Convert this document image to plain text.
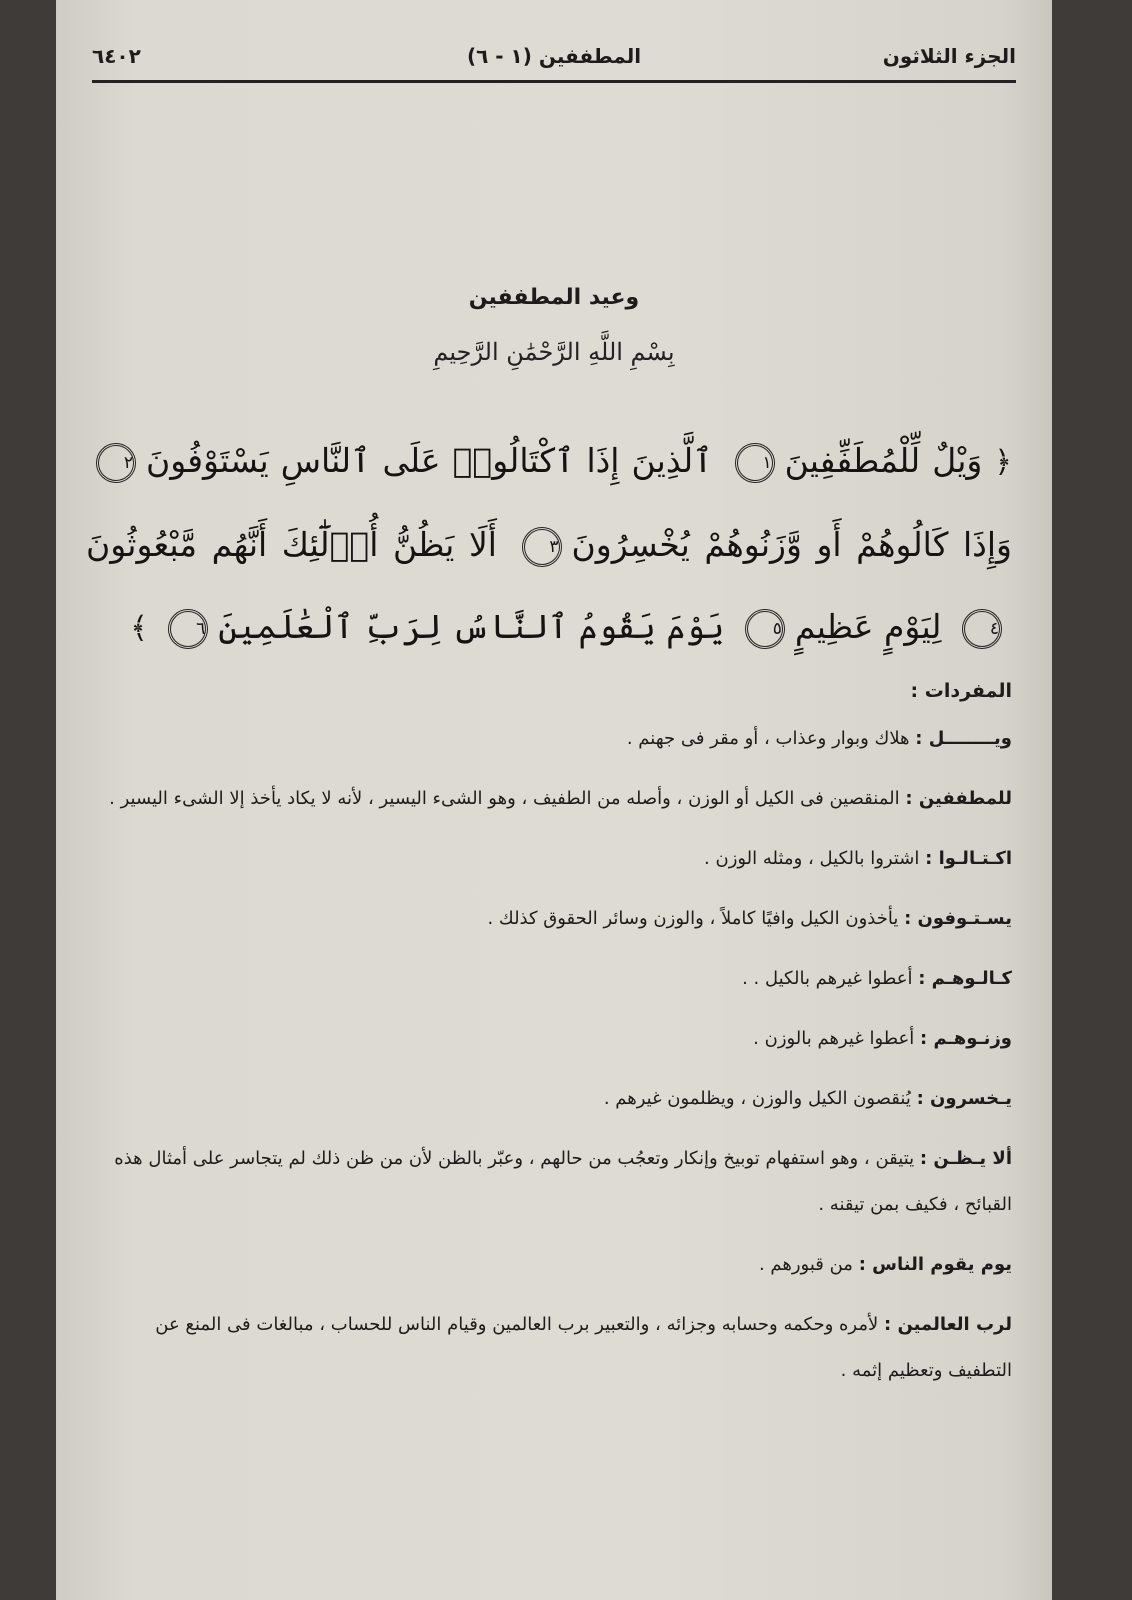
الجزء الثلاثون
المطففين (١ - ٦)
٦٤٠٢
وعيد المطففين
بِسْمِ اللَّهِ الرَّحْمَٰنِ الرَّحِيمِ
﴿ وَيْلٌ لِّلْمُطَفِّفِينَ١ ٱلَّذِينَ إِذَا ٱكْتَالُوا۟ عَلَى ٱلنَّاسِ يَسْتَوْفُونَ٢ وَإِذَا كَالُوهُمْ أَو وَّزَنُوهُمْ يُخْسِرُونَ٣ أَلَا يَظُنُّ أُو۟لَٰٓئِكَ أَنَّهُم مَّبْعُوثُونَ٤ لِيَوْمٍ عَظِيمٍ٥ يَوْمَ يَقُومُ ٱلنَّاسُ لِرَبِّ ٱلْعَٰلَمِينَ٦ ﴾
المفردات :
ويــــــــل : هلاك وبوار وعذاب ، أو مقر فى جهنم .
للمطففين : المنقصين فى الكيل أو الوزن ، وأصله من الطفيف ، وهو الشىء اليسير ، لأنه لا يكاد يأخذ إلا الشىء اليسير .
اكـتـالـوا : اشتروا بالكيل ، ومثله الوزن .
يسـتـوفون : يأخذون الكيل وافيًا كاملاً ، والوزن وسائر الحقوق كذلك .
كـالـوهـم : أعطوا غيرهم بالكيل . .
وزنـوهـم : أعطوا غيرهم بالوزن .
يـخسرون : يُنقصون الكيل والوزن ، ويظلمون غيرهم .
ألا يـظـن : يتيقن ، وهو استفهام توبيخ وإنكار وتعجُب من حالهم ، وعبّر بالظن لأن من ظن ذلك لم يتجاسر على أمثال هذه القبائح ، فكيف بمن تيقنه .
يوم يقوم الناس : من قبورهم .
لرب العالمين : لأمره وحكمه وحسابه وجزائه ، والتعبير برب العالمين وقيام الناس للحساب ، مبالغات فى المنع عن التطفيف وتعظيم إثمه .
